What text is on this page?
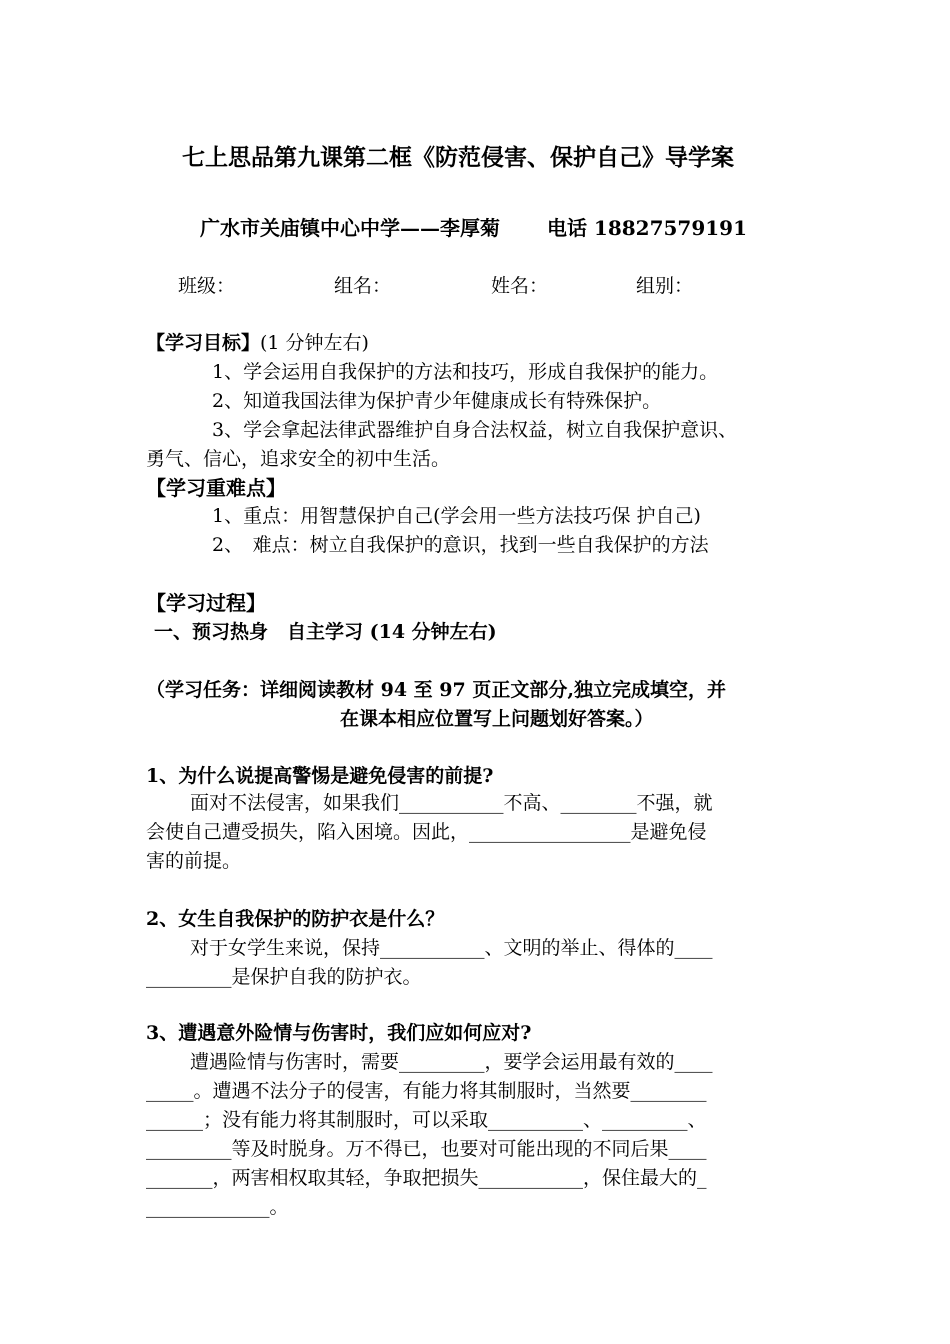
七上思品第九课第二框《防范侵害、保护自己》导学案
广水市关庙镇中心中学——李厚菊　　 电话 18827579191
班级：	组名：	姓名：	组别：
【学习目标】(1 分钟左右)
1、学会运用自我保护的方法和技巧，形成自我保护的能力。
2、知道我国法律为保护青少年健康成长有特殊保护。
3、学会拿起法律武器维护自身合法权益，树立自我保护意识、
勇气、信心，追求安全的初中生活。
【学习重难点】
1、重点：用智慧保护自己(学会用一些方法技巧保 护自己)
2、　难点：树立自我保护的意识，找到一些自我保护的方法
【学习过程】
一、预习热身　自主学习 (14 分钟左右)
（学习任务：详细阅读教材 94 至 97 页正文部分,独立完成填空，并
在课本相应位置写上问题划好答案。）
1、为什么说提高警惕是避免侵害的前提?
面对不法侵害，如果我们___________不高、________不强，就
会使自己遭受损失，陷入困境。因此，_________________是避免侵
害的前提。
2、女生自我保护的防护衣是什么？
对于女学生来说，保持___________、文明的举止、得体的____
_________是保护自我的防护衣。
3、遭遇意外险情与伤害时，我们应如何应对?
遭遇险情与伤害时，需要_________，要学会运用最有效的____
_____。遭遇不法分子的侵害，有能力将其制服时，当然要________
______；没有能力将其制服时，可以采取__________、_________、
_________等及时脱身。万不得已，也要对可能出现的不同后果____
_______，两害相权取其轻，争取把损失___________，保住最大的_
_____________。
